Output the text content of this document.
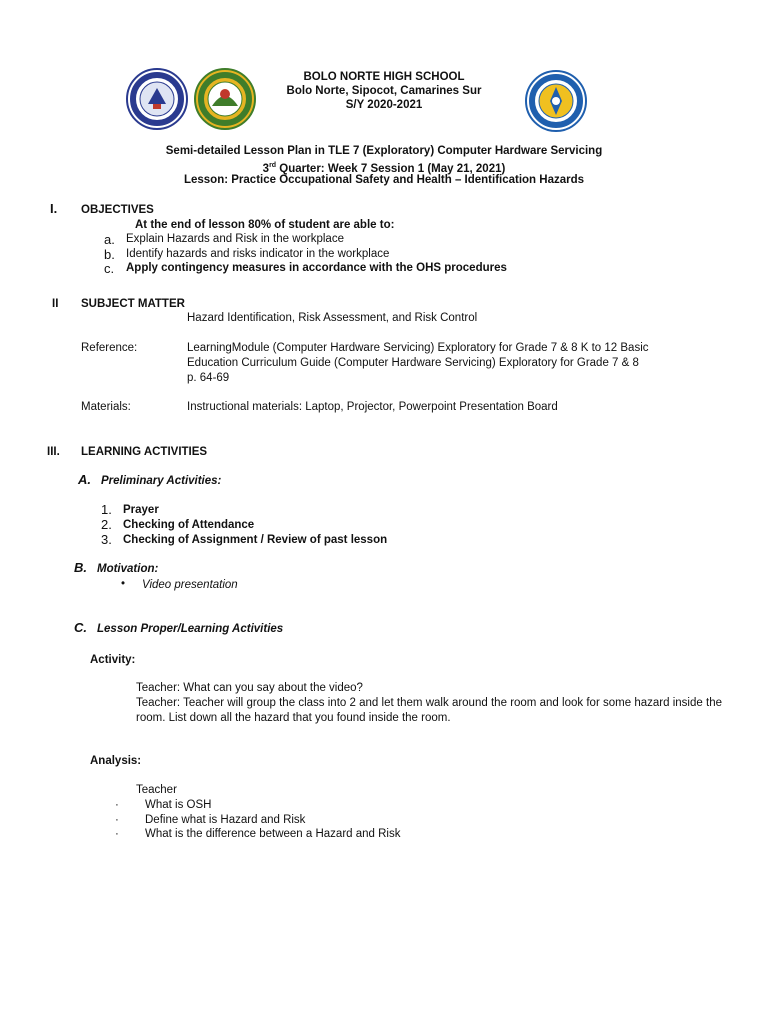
BOLO NORTE HIGH SCHOOL
Bolo Norte, Sipocot, Camarines Sur
S/Y 2020-2021
Semi-detailed Lesson Plan in TLE 7 (Exploratory) Computer Hardware Servicing
3rd Quarter: Week 7 Session 1 (May 21, 2021)
Lesson: Practice Occupational Safety and Health – Identification Hazards
I. OBJECTIVES
At the end of lesson 80% of student are able to:
a. Explain Hazards and Risk in the workplace
b. Identify hazards and risks indicator in the workplace
c. Apply contingency measures in accordance with the OHS procedures
II SUBJECT MATTER
Hazard Identification, Risk Assessment, and Risk Control
Reference:	LearningModule (Computer Hardware Servicing) Exploratory for Grade 7 & 8 K to 12 Basic
Education Curriculum Guide (Computer Hardware Servicing) Exploratory for Grade 7 & 8
p. 64-69
Materials:	Instructional materials: Laptop, Projector, Powerpoint Presentation Board
III. LEARNING ACTIVITIES
A. Preliminary Activities:
1. Prayer
2. Checking of Attendance
3. Checking of Assignment / Review of past lesson
B. Motivation:
• Video presentation
C. Lesson Proper/Learning Activities
Activity:
Teacher: What can you say about the video?
Teacher: Teacher will group the class into 2 and let them walk around the room and look for some hazard inside the room. List down all the hazard that you found inside the room.
Analysis:
Teacher
· What is OSH
· Define what is Hazard and Risk
· What is the difference between a Hazard and Risk
